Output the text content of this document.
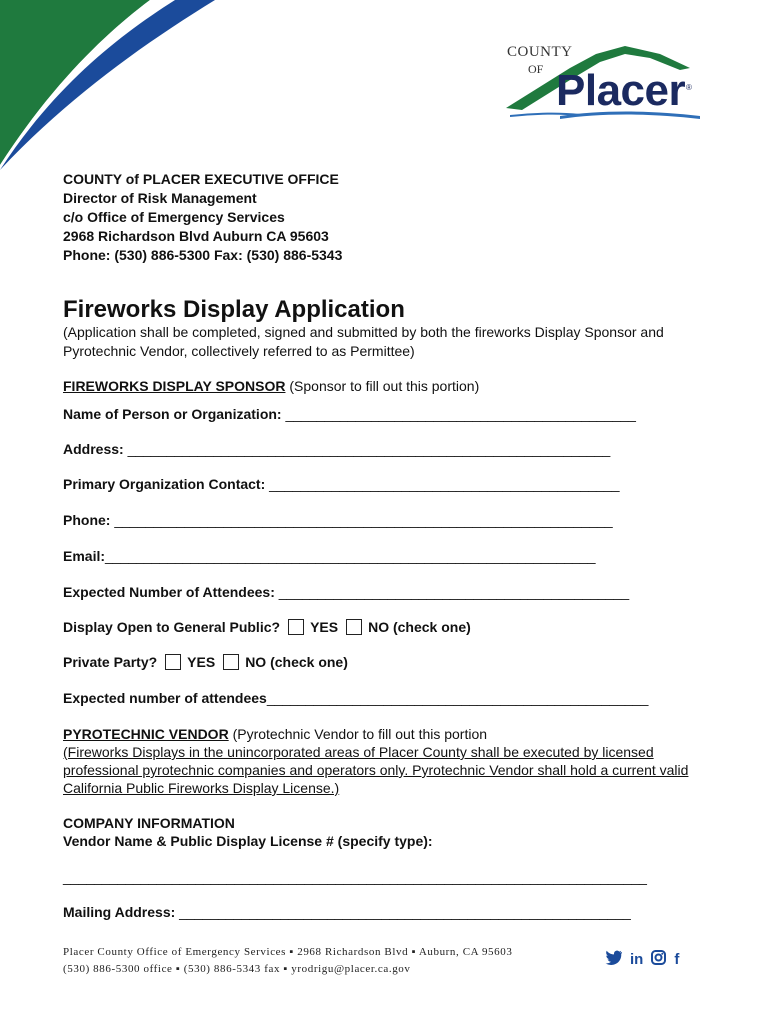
COUNTY
OF Placer ®
COUNTY of PLACER EXECUTIVE OFFICE
Director of Risk Management
c/o Office of Emergency Services
2968 Richardson Blvd Auburn CA 95603
Phone: (530) 886-5300 Fax: (530) 886-5343
Fireworks Display Application
(Application shall be completed, signed and submitted by both the fireworks Display Sponsor and Pyrotechnic Vendor, collectively referred to as Permittee)
FIREWORKS DISPLAY SPONSOR (Sponsor to fill out this portion)
Name of Person or Organization: _____________________________________________
Address: ______________________________________________________________
Primary Organization Contact: _____________________________________________
Phone: ________________________________________________________________
Email:_______________________________________________________________
Expected Number of Attendees: _____________________________________________
Display Open to General Public? YES NO (check one)
Private Party? YES NO (check one)
Expected number of attendees_________________________________________________
PYROTECHNIC VENDOR (Pyrotechnic Vendor to fill out this portion
(Fireworks Displays in the unincorporated areas of Placer County shall be executed by licensed professional pyrotechnic companies and operators only. Pyrotechnic Vendor shall hold a current valid California Public Fireworks Display License.)
COMPANY INFORMATION
Vendor Name & Public Display License # (specify type):
___________________________________________________________________________
Mailing Address: __________________________________________________________
Placer County Office of Emergency Services ▪ 2968 Richardson Blvd ▪ Auburn, CA 95603
(530) 886-5300 office ▪ (530) 886-5343 fax ▪ yrodrigu@placer.ca.gov
in f
